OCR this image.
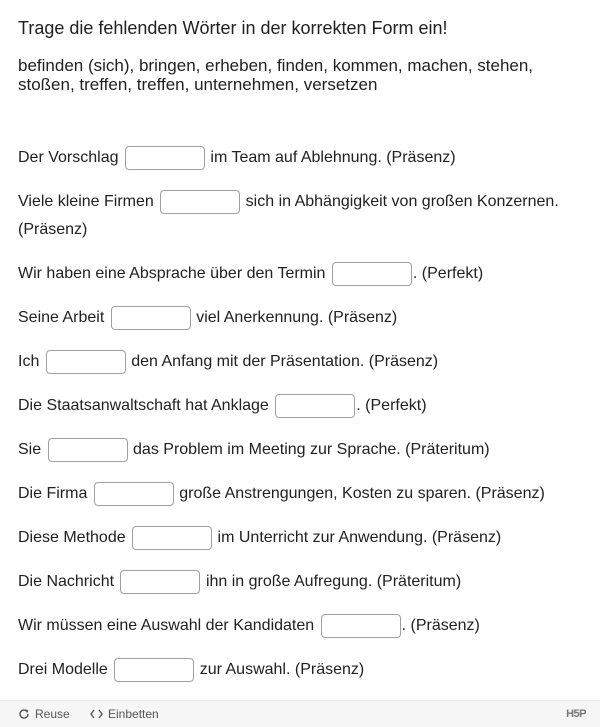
Trage die fehlenden Wörter in der korrekten Form ein!
befinden (sich), bringen, erheben, finden, kommen, machen, stehen, stoßen, treffen, treffen, unternehmen, versetzen
Der Vorschlag	im Team auf Ablehnung. (Präsenz)
Viele kleine Firmen	sich in Abhängigkeit von großen Konzernen. (Präsenz)
Wir haben eine Absprache über den Termin	. (Perfekt)
Seine Arbeit	viel Anerkennung. (Präsenz)
Ich	den Anfang mit der Präsentation. (Präsenz)
Die Staatsanwaltschaft hat Anklage	. (Perfekt)
Sie	das Problem im Meeting zur Sprache. (Präteritum)
Die Firma	große Anstrengungen, Kosten zu sparen. (Präsenz)
Diese Methode	im Unterricht zur Anwendung. (Präsenz)
Die Nachricht	ihn in große Aufregung. (Präteritum)
Wir müssen eine Auswahl der Kandidaten	. (Präsenz)
Drei Modelle	zur Auswahl. (Präsenz)
Reuse	Einbetten	H5P
